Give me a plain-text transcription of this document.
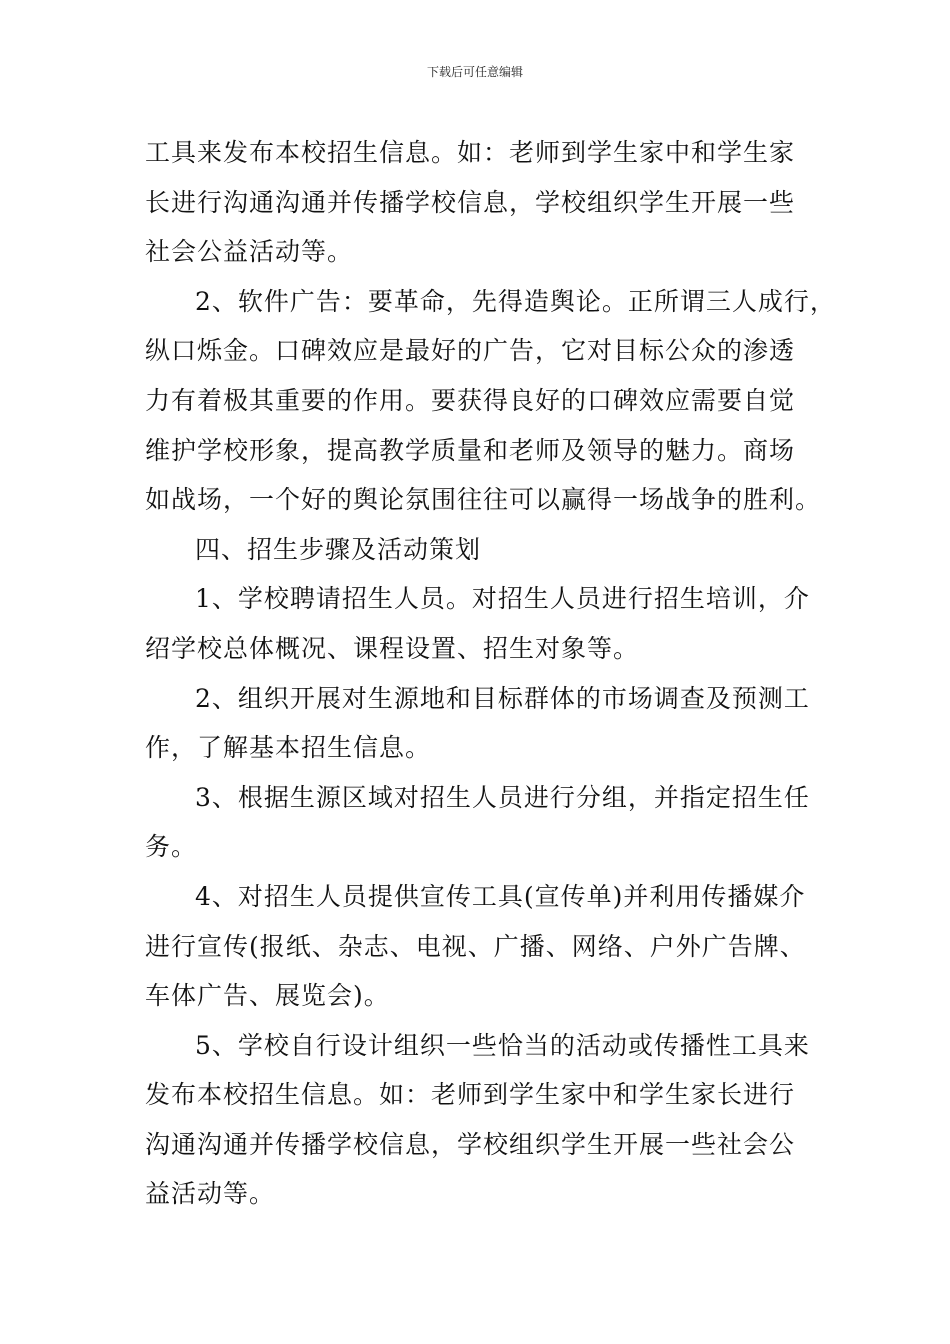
下载后可任意编辑
工具来发布本校招生信息。如：老师到学生家中和学生家
长进行沟通沟通并传播学校信息，学校组织学生开展一些
社会公益活动等。
2、软件广告：要革命，先得造舆论。正所谓三人成行，
纵口烁金。口碑效应是最好的广告，它对目标公众的渗透
力有着极其重要的作用。要获得良好的口碑效应需要自觉
维护学校形象，提高教学质量和老师及领导的魅力。商场
如战场，一个好的舆论氛围往往可以赢得一场战争的胜利。
四、招生步骤及活动策划
1、学校聘请招生人员。对招生人员进行招生培训，介
绍学校总体概况、课程设置、招生对象等。
2、组织开展对生源地和目标群体的市场调查及预测工
作，了解基本招生信息。
3、根据生源区域对招生人员进行分组，并指定招生任
务。
4、对招生人员提供宣传工具(宣传单)并利用传播媒介
进行宣传(报纸、杂志、电视、广播、网络、户外广告牌、
车体广告、展览会)。
5、学校自行设计组织一些恰当的活动或传播性工具来
发布本校招生信息。如：老师到学生家中和学生家长进行
沟通沟通并传播学校信息，学校组织学生开展一些社会公
益活动等。
